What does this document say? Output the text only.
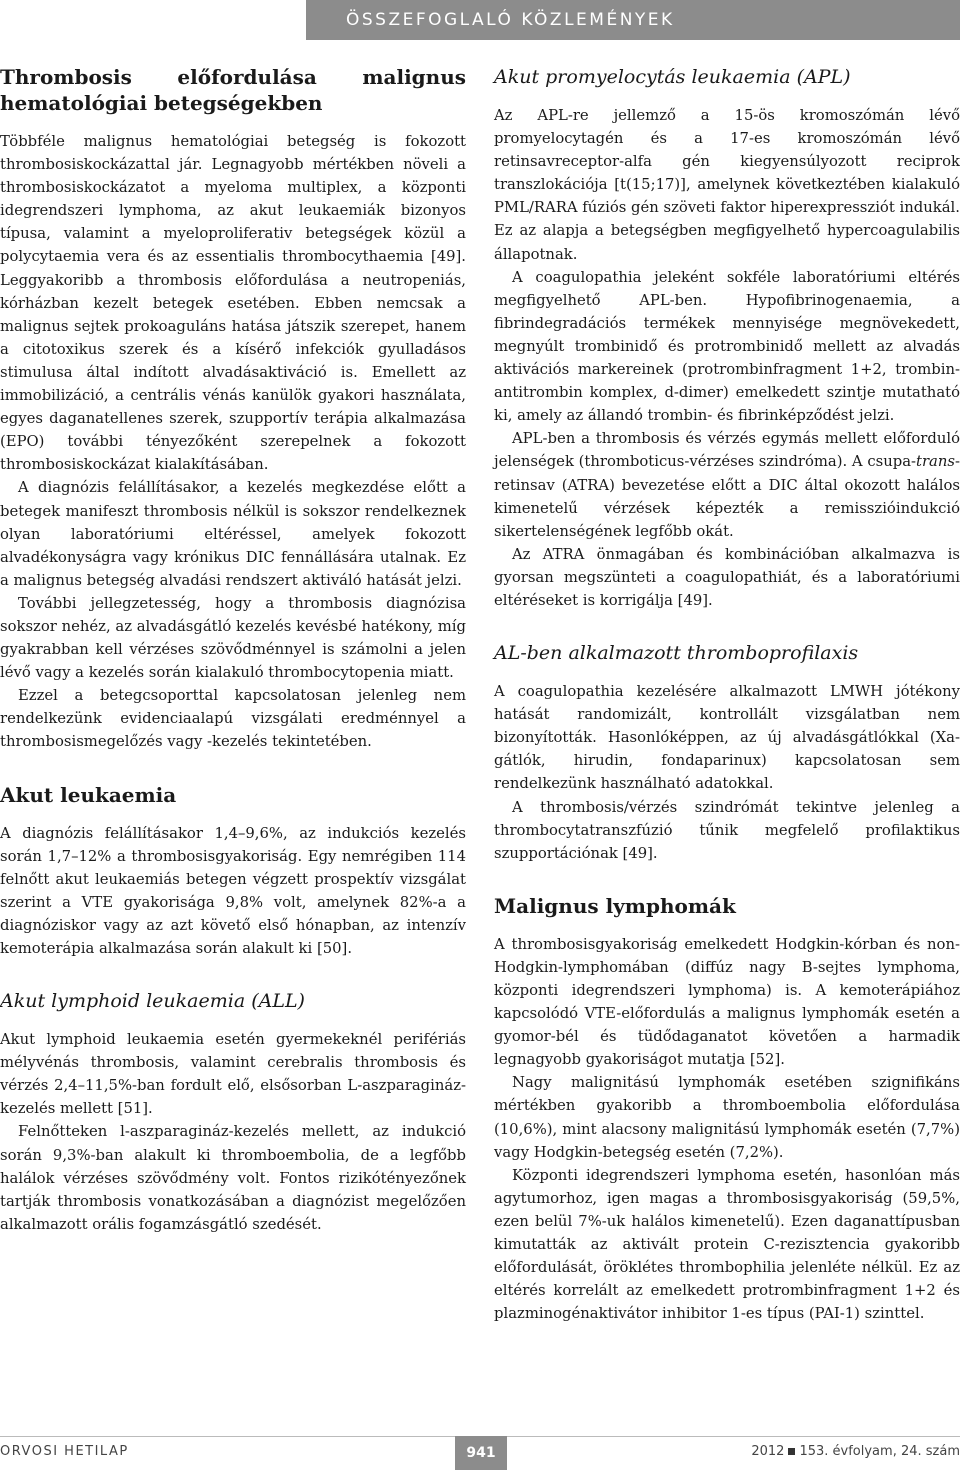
ÖSSZEFOGLALÓ KÖZLEMÉNYEK
Thrombosis előfordulása malignus hematológiai betegségekben

Többféle malignus hematológiai betegség is fokozott thrombosiskockázattal jár. Legnagyobb mértékben növeli a thrombosiskockázatot a myeloma multiplex, a központi idegrendszeri lymphoma, az akut leukaemiák bizonyos típusa, valamint a myeloproliferativ betegségek közül a polycytaemia vera és az essentialis thrombocythaemia [49]. Leggyakoribb a thrombosis előfordulása a neutropeniás, kórházban kezelt betegek esetében. Ebben nemcsak a malignus sejtek prokoaguláns hatása játszik szerepet, hanem a citotoxikus szerek és a kísérő infekciók gyulladásos stimulusa által indított alvadásaktiváció is. Emellett az immobilizáció, a centrális vénás kanülök gyakori használata, egyes daganatellenes szerek, szupportív terápia alkalmazása (EPO) további tényezőként szerepelnek a fokozott thrombosiskockázat kialakításában.

A diagnózis felállításakor, a kezelés megkezdése előtt a betegek manifeszt thrombosis nélkül is sokszor rendelkeznek olyan laboratóriumi eltéréssel, amelyek fokozott alvadékonyságra vagy krónikus DIC fennállására utalnak. Ez a malignus betegség alvadási rendszert aktiváló hatását jelzi.

További jellegzetesség, hogy a thrombosis diagnózisa sokszor nehéz, az alvadásgátló kezelés kevésbé hatékony, míg gyakrabban kell vérzéses szövődménnyel is számolni a jelen lévő vagy a kezelés során kialakuló thrombocytopenia miatt.

Ezzel a betegcsoporttal kapcsolatosan jelenleg nem rendelkezünk evidenciaalapú vizsgálati eredménnyel a thrombosismegelőzés vagy -kezelés tekintetében.

Akut leukaemia

A diagnózis felállításakor 1,4–9,6%, az indukciós kezelés során 1,7–12% a thrombosisgyakoriság. Egy nemrégiben 114 felnőtt akut leukaemiás betegen végzett prospektív vizsgálat szerint a VTE gyakorisága 9,8% volt, amelynek 82%-a a diagnóziskor vagy az azt követő első hónapban, az intenzív kemoterápia alkalmazása során alakult ki [50].

Akut lymphoid leukaemia (ALL)

Akut lymphoid leukaemia esetén gyermekeknél perifériás mélyvénás thrombosis, valamint cerebralis thrombosis és vérzés 2,4–11,5%-ban fordult elő, elsősorban L-aszparagináz-kezelés mellett [51].

Felnőtteken l-aszparagináz-kezelés mellett, az indukció során 9,3%-ban alakult ki thromboembolia, de a legfőbb halálok vérzéses szövődmény volt. Fontos rizikótényezőnek tartják thrombosis vonatkozásában a diagnózist megelőzően alkalmazott orális fogamzásgátló szedését.

Akut promyelocytás leukaemia (APL)

Az APL-re jellemző a 15-ös kromoszómán lévő promyelocytagén és a 17-es kromoszómán lévő retinsavreceptor-alfa gén kiegyensúlyozott reciprok transzlokációja [t(15;17)], amelynek következtében kialakuló PML/RARA fúziós gén szöveti faktor hiperexpressziót indukál. Ez az alapja a betegségben megfigyelhető hypercoagulabilis állapotnak.

A coagulopathia jeleként sokféle laboratóriumi eltérés megfigyelhető APL-ben. Hypofibrinogenaemia, a fibrindegradációs termékek mennyisége megnövekedett, megnyúlt trombinidő és protrombinidő mellett az alvadás aktivációs markereinek (protrombinfragment 1+2, trombin-antitrombin komplex, d-dimer) emelkedett szintje mutatható ki, amely az állandó trombin- és fibrinképződést jelzi.

APL-ben a thrombosis és vérzés egymás mellett előforduló jelenségek (thromboticus-vérzéses szindróma). A csupa-trans-retinsav (ATRA) bevezetése előtt a DIC által okozott halálos kimenetelű vérzések képezték a remisszióindukció sikertelenségének legfőbb okát.

Az ATRA önmagában és kombinációban alkalmazva is gyorsan megszünteti a coagulopathiát, és a laboratóriumi eltéréseket is korrigálja [49].

AL-ben alkalmazott thromboprofilaxis

A coagulopathia kezelésére alkalmazott LMWH jótékony hatását randomizált, kontrollált vizsgálatban nem bizonyították. Hasonlóképpen, az új alvadásgátlókkal (Xa-gátlók, hirudin, fondaparinux) kapcsolatosan sem rendelkezünk használható adatokkal.

A thrombosis/vérzés szindrómát tekintve jelenleg a thrombocytatranszfúzió tűnik megfelelő profilaktikus szupportációnak [49].

Malignus lymphomák

A thrombosisgyakoriság emelkedett Hodgkin-kórban és non-Hodgkin-lymphomában (diffúz nagy B-sejtes lymphoma, központi idegrendszeri lymphoma) is. A kemoterápiához kapcsolódó VTE-előfordulás a malignus lymphomák esetén a gyomor-bél és tüdődaganatot követően a harmadik legnagyobb gyakoriságot mutatja [52].

Nagy malignitású lymphomák esetében szignifikáns mértékben gyakoribb a thromboembolia előfordulása (10,6%), mint alacsony malignitású lymphomák esetén (7,7%) vagy Hodgkin-betegség esetén (7,2%).

Központi idegrendszeri lymphoma esetén, hasonlóan más agytumorhoz, igen magas a thrombosisgyakoriság (59,5%, ezen belül 7%-uk halálos kimenetelű). Ezen daganattípusban kimutatták az aktivált protein C-rezisztencia gyakoribb előfordulását, öröklétes thrombophilia jelenléte nélkül. Ez az eltérés korrelált az emelkedett protrombinfragment 1+2 és plazminogénaktivátor inhibitor 1-es típus (PAI-1) szinttel.

ORVOSI HETILAP	941	2012 153. évfolyam, 24. szám
